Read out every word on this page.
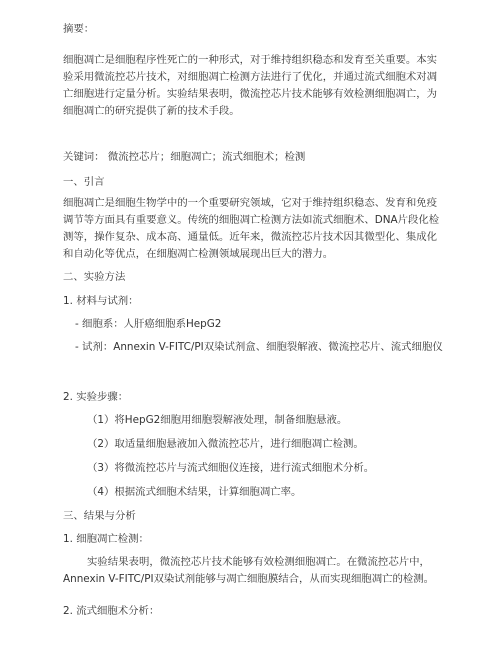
摘要：

细胞凋亡是细胞程序性死亡的一种形式，对于维持组织稳态和发育至关重要。本实验采用微流控芯片技术，对细胞凋亡检测方法进行了优化，并通过流式细胞术对凋亡细胞进行定量分析。实验结果表明，微流控芯片技术能够有效检测细胞凋亡，为细胞凋亡的研究提供了新的技术手段。

关键词： 微流控芯片；细胞凋亡；流式细胞术；检测

一、引言

细胞凋亡是细胞生物学中的一个重要研究领域，它对于维持组织稳态、发育和免疫调节等方面具有重要意义。传统的细胞凋亡检测方法如流式细胞术、DNA片段化检测等，操作复杂、成本高、通量低。近年来，微流控芯片技术因其微型化、集成化和自动化等优点，在细胞凋亡检测领域展现出巨大的潜力。

二、实验方法

1. 材料与试剂：

- 细胞系：人肝癌细胞系HepG2

- 试剂：Annexin V-FITC/PI双染试剂盒、细胞裂解液、微流控芯片、流式细胞仪

2. 实验步骤：

（1）将HepG2细胞用细胞裂解液处理，制备细胞悬液。

（2）取适量细胞悬液加入微流控芯片，进行细胞凋亡检测。

（3）将微流控芯片与流式细胞仪连接，进行流式细胞术分析。

（4）根据流式细胞术结果，计算细胞凋亡率。

三、结果与分析

1. 细胞凋亡检测：

实验结果表明，微流控芯片技术能够有效检测细胞凋亡。在微流控芯片中，Annexin V-FITC/PI双染试剂能够与凋亡细胞膜结合，从而实现细胞凋亡的检测。

2. 流式细胞术分析：
